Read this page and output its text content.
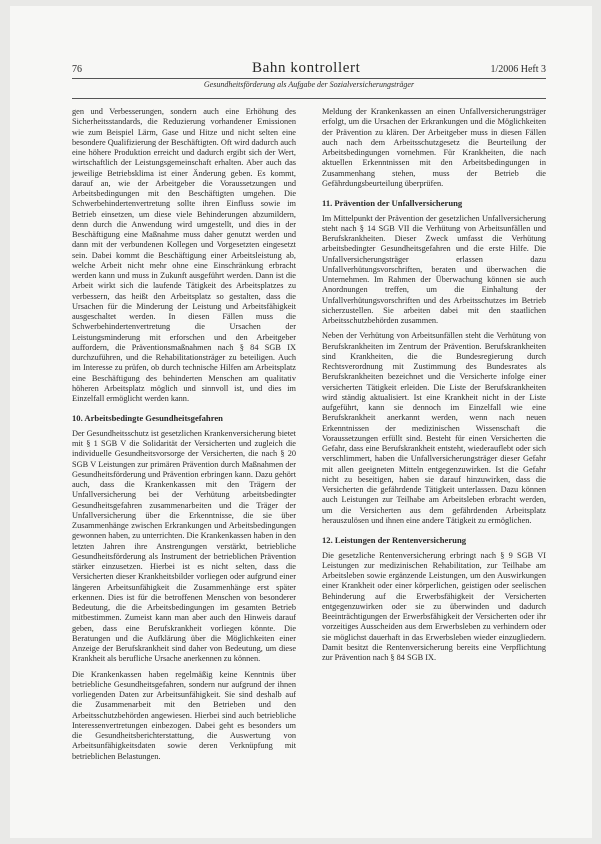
76	Bahn kontrollert	1/2006 Heft 3
Gesundheitsförderung als Aufgabe der Sozialversicherungsträger

gen und Verbesserungen, sondern auch eine Erhöhung des Sicherheitsstandards, die Reduzierung vorhandener Emissionen wie zum Beispiel Lärm, Gase und Hitze und nicht selten eine besondere Qualifizierung der Beschäftigten. Oft wird dadurch auch eine höhere Produktion erreicht und dadurch ergibt sich der Wert, wirtschaftlich der Leistungsgemeinschaft erhalten. Aber auch das jeweilige Betriebsklima ist einer Änderung geben. Es kommt, darauf an, wie der Arbeitgeber die Voraussetzungen und Arbeitsbedingungen mit den Beschäftigten umgehen. Die Schwerbehindertenvertretung sollte ihren Einfluss sowie im Betrieb einsetzen, um diese viele Behinderungen abzumildern, denn durch die Anwendung wird umgestellt, und dies in der Beschäftigung eine Maßnahme muss daher genutzt werden und dann mit der verbundenen Kollegen und Vorgesetzten eingesetzt sein. Dabei kommt die Beschäftigung einer Arbeitsleistung ab, welche Arbeit nicht mehr ohne eine Einschränkung erbracht werden kann und muss in Zukunft ausgeführt werden. Dann ist die Arbeit wirkt sich die laufende Tätigkeit des Arbeitsplatzes zu verbessern, das heißt den Arbeitsplatz so gestalten, dass die Ursachen für die Minderung der Leistung und Arbeitsfähigkeit ausgeschaltet werden. In diesen Fällen muss die Schwerbehindertenvertretung die Ursachen der Leistungsminderung mit erforschen und den Arbeitgeber auffordern, die Präventionsmaßnahmen nach § 84 SGB IX durchzuführen, und die Rehabilitationsträger zu beteiligen. Auch im Interesse zu prüfen, ob durch technische Hilfen am Arbeitsplatz eine Beschäftigung des behinderten Menschen am qualitativ höheren Arbeitsplatz möglich und sinnvoll ist, und dies im Einzelfall ermöglicht werden kann.

10. Arbeitsbedingte Gesundheitsgefahren

Der Gesundheitsschutz ist gesetzlichen Krankenversicherung bietet mit § 1 SGB V die Solidarität der Versicherten und zugleich die individuelle Gesundheitsvorsorge der Versicherten, die nach § 20 SGB V Leistungen zur primären Prävention durch Maßnahmen der Gesundheitsförderung und Prävention erbringen kann. Dazu gehört auch, dass die Krankenkassen mit den Trägern der Unfallversicherung bei der Verhütung arbeitsbedingter Gesundheitsgefahren zusammenarbeiten und die Träger der Unfallversicherung über die Erkenntnisse, die sie über Zusammenhänge zwischen Erkrankungen und Arbeitsbedingungen gewonnen haben, zu unterrichten. Die Krankenkassen haben in den letzten Jahren ihre Anstrengungen verstärkt, betriebliche Gesundheitsförderung als Instrument der betrieblichen Prävention stärker einzusetzen. Hierbei ist es nicht selten, dass die Versicherten dieser Krankheitsbilder vorliegen oder aufgrund einer längeren Arbeitsunfähigkeit die Zusammenhänge erst später erkennen. Dies ist für die betroffenen Menschen von besonderer Bedeutung, die die Arbeitsbedingungen im gesamten Betrieb mitbestimmen. Zumeist kann man aber auch den Hinweis darauf geben, dass eine Berufskrankheit vorliegen könnte. Die Beratungen und die Aufklärung über die Möglichkeiten einer Anzeige der Berufskrankheit sind daher von Bedeutung, um diese Krankheit als berufliche Ursache anerkennen zu können.

Die Krankenkassen haben regelmäßig keine Kenntnis über betriebliche Gesundheitsgefahren, sondern nur aufgrund der ihnen vorliegenden Daten zur Arbeitsunfähigkeit. Sie sind deshalb auf die Zusammenarbeit mit den Betrieben und den Arbeitsschutzbehörden angewiesen. Hierbei sind auch betriebliche Interessenvertretungen einbezogen. Dabei geht es besonders um die Gesundheitsberichterstattung, die Auswertung von Arbeitsunfähigkeitsdaten sowie deren Verknüpfung mit betrieblichen Belastungen.

Meldung der Krankenkassen an einen Unfallversicherungsträger erfolgt, um die Ursachen der Erkrankungen und die Möglichkeiten der Prävention zu klären. Der Arbeitgeber muss in diesen Fällen auch nach dem Arbeitsschutzgesetz die Beurteilung der Arbeitsbedingungen vornehmen. Für Krankheiten, die nach aktuellen Erkenntnissen mit den Arbeitsbedingungen in Zusammenhang stehen, muss der Betrieb die Gefährdungsbeurteilung überprüfen.

11. Prävention der Unfallversicherung

Im Mittelpunkt der Prävention der gesetzlichen Unfallversicherung steht nach § 14 SGB VII die Verhütung von Arbeitsunfällen und Berufskrankheiten. Dieser Zweck umfasst die Verhütung arbeitsbedingter Gesundheitsgefahren und die erste Hilfe. Die Unfallversicherungsträger erlassen dazu Unfallverhütungsvorschriften, beraten und überwachen die Unternehmen. Im Rahmen der Überwachung können sie auch Anordnungen treffen, um die Einhaltung der Unfallverhütungsvorschriften und des Arbeitsschutzes im Betrieb sicherzustellen. Sie arbeiten dabei mit den staatlichen Arbeitsschutzbehörden zusammen.

Neben der Verhütung von Arbeitsunfällen steht die Verhütung von Berufskrankheiten im Zentrum der Prävention. Berufskrankheiten sind Krankheiten, die die Bundesregierung durch Rechtsverordnung mit Zustimmung des Bundesrates als Berufskrankheiten bezeichnet und die Versicherte infolge einer versicherten Tätigkeit erleiden. Die Liste der Berufskrankheiten wird ständig aktualisiert. Ist eine Krankheit nicht in der Liste aufgeführt, kann sie dennoch im Einzelfall wie eine Berufskrankheit anerkannt werden, wenn nach neuen Erkenntnissen der medizinischen Wissenschaft die Voraussetzungen erfüllt sind. Besteht für einen Versicherten die Gefahr, dass eine Berufskrankheit entsteht, wiederauflebt oder sich verschlimmert, haben die Unfallversicherungsträger dieser Gefahr mit allen geeigneten Mitteln entgegenzuwirken. Ist die Gefahr nicht zu beseitigen, haben sie darauf hinzuwirken, dass die Versicherten die gefährdende Tätigkeit unterlassen. Dazu können auch Leistungen zur Teilhabe am Arbeitsleben erbracht werden, um die Versicherten aus dem gefährdenden Arbeitsplatz herauszulösen und ihnen eine andere Tätigkeit zu ermöglichen.

12. Leistungen der Rentenversicherung

Die gesetzliche Rentenversicherung erbringt nach § 9 SGB VI Leistungen zur medizinischen Rehabilitation, zur Teilhabe am Arbeitsleben sowie ergänzende Leistungen, um den Auswirkungen einer Krankheit oder einer körperlichen, geistigen oder seelischen Behinderung auf die Erwerbsfähigkeit der Versicherten entgegenzuwirken oder sie zu überwinden und dadurch Beeinträchtigungen der Erwerbsfähigkeit der Versicherten oder ihr vorzeitiges Ausscheiden aus dem Erwerbsleben zu verhindern oder sie möglichst dauerhaft in das Erwerbsleben wieder einzugliedern. Damit besitzt die Rentenversicherung bereits eine Verpflichtung zur Prävention nach § 84 SGB IX.
